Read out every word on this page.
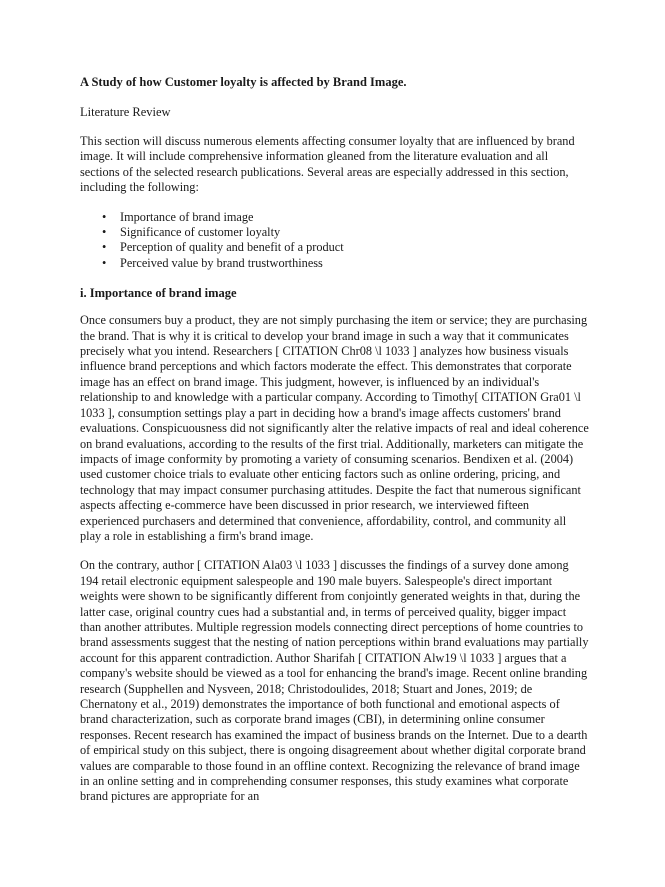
A Study of how Customer loyalty is affected by Brand Image.

Literature Review

This section will discuss numerous elements affecting consumer loyalty that are influenced by brand image. It will include comprehensive information gleaned from the literature evaluation and all sections of the selected research publications. Several areas are especially addressed in this section, including the following:

• Importance of brand image
• Significance of customer loyalty
• Perception of quality and benefit of a product
• Perceived value by brand trustworthiness

i. Importance of brand image

Once consumers buy a product, they are not simply purchasing the item or service; they are purchasing the brand. That is why it is critical to develop your brand image in such a way that it communicates precisely what you intend. Researchers [ CITATION Chr08 \l 1033 ] analyzes how business visuals influence brand perceptions and which factors moderate the effect. This demonstrates that corporate image has an effect on brand image. This judgment, however, is influenced by an individual's relationship to and knowledge with a particular company. According to Timothy[ CITATION Gra01 \l 1033 ], consumption settings play a part in deciding how a brand's image affects customers' brand evaluations. Conspicuousness did not significantly alter the relative impacts of real and ideal coherence on brand evaluations, according to the results of the first trial. Additionally, marketers can mitigate the impacts of image conformity by promoting a variety of consuming scenarios. Bendixen et al. (2004) used customer choice trials to evaluate other enticing factors such as online ordering, pricing, and technology that may impact consumer purchasing attitudes. Despite the fact that numerous significant aspects affecting e-commerce have been discussed in prior research, we interviewed fifteen experienced purchasers and determined that convenience, affordability, control, and community all play a role in establishing a firm's brand image.

On the contrary, author [ CITATION Ala03 \l 1033 ] discusses the findings of a survey done among 194 retail electronic equipment salespeople and 190 male buyers. Salespeople's direct important weights were shown to be significantly different from conjointly generated weights in that, during the latter case, original country cues had a substantial and, in terms of perceived quality, bigger impact than another attributes. Multiple regression models connecting direct perceptions of home countries to brand assessments suggest that the nesting of nation perceptions within brand evaluations may partially account for this apparent contradiction. Author Sharifah [ CITATION Alw19 \l 1033 ] argues that a company's website should be viewed as a tool for enhancing the brand's image. Recent online branding research (Supphellen and Nysveen, 2018; Christodoulides, 2018; Stuart and Jones, 2019; de Chernatony et al., 2019) demonstrates the importance of both functional and emotional aspects of brand characterization, such as corporate brand images (CBI), in determining online consumer responses. Recent research has examined the impact of business brands on the Internet. Due to a dearth of empirical study on this subject, there is ongoing disagreement about whether digital corporate brand values are comparable to those found in an offline context. Recognizing the relevance of brand image in an online setting and in comprehending consumer responses, this study examines what corporate brand pictures are appropriate for an
